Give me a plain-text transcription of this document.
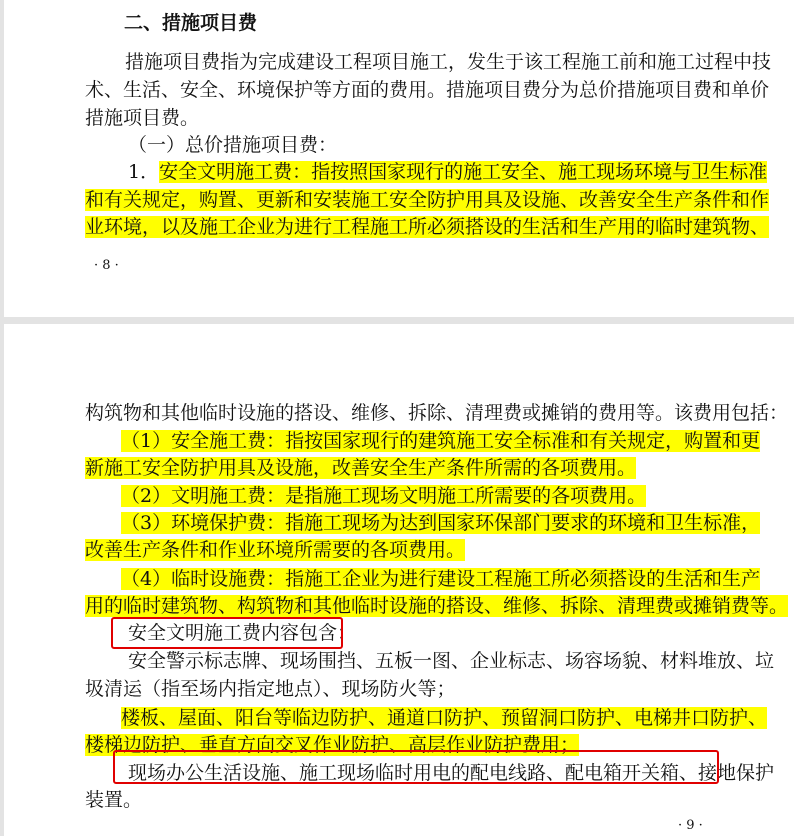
二、措施项目费
措施项目费指为完成建设工程项目施工，发生于该工程施工前和施工过程中技
术、生活、安全、环境保护等方面的费用。措施项目费分为总价措施项目费和单价
措施项目费。
（一）总价措施项目费：
1．安全文明施工费：指按照国家现行的施工安全、施工现场环境与卫生标准
和有关规定，购置、更新和安装施工安全防护用具及设施、改善安全生产条件和作
业环境，以及施工企业为进行工程施工所必须搭设的生活和生产用的临时建筑物、
· 8 ·
构筑物和其他临时设施的搭设、维修、拆除、清理费或摊销的费用等。该费用包括：
（1）安全施工费：指按国家现行的建筑施工安全标准和有关规定，购置和更
新施工安全防护用具及设施，改善安全生产条件所需的各项费用。
（2）文明施工费：是指施工现场文明施工所需要的各项费用。
（3）环境保护费：指施工现场为达到国家环保部门要求的环境和卫生标准，
改善生产条件和作业环境所需要的各项费用。
（4）临时设施费：指施工企业为进行建设工程施工所必须搭设的生活和生产
用的临时建筑物、构筑物和其他临时设施的搭设、维修、拆除、清理费或摊销费等。
安全文明施工费内容包含：
安全警示标志牌、现场围挡、五板一图、企业标志、场容场貌、材料堆放、垃
圾清运（指至场内指定地点）、现场防火等；
楼板、屋面、阳台等临边防护、通道口防护、预留洞口防护、电梯井口防护、
楼梯边防护、垂直方向交叉作业防护、高层作业防护费用；
现场办公生活设施、施工现场临时用电的配电线路、配电箱开关箱、接地保护
装置。
· 9 ·
